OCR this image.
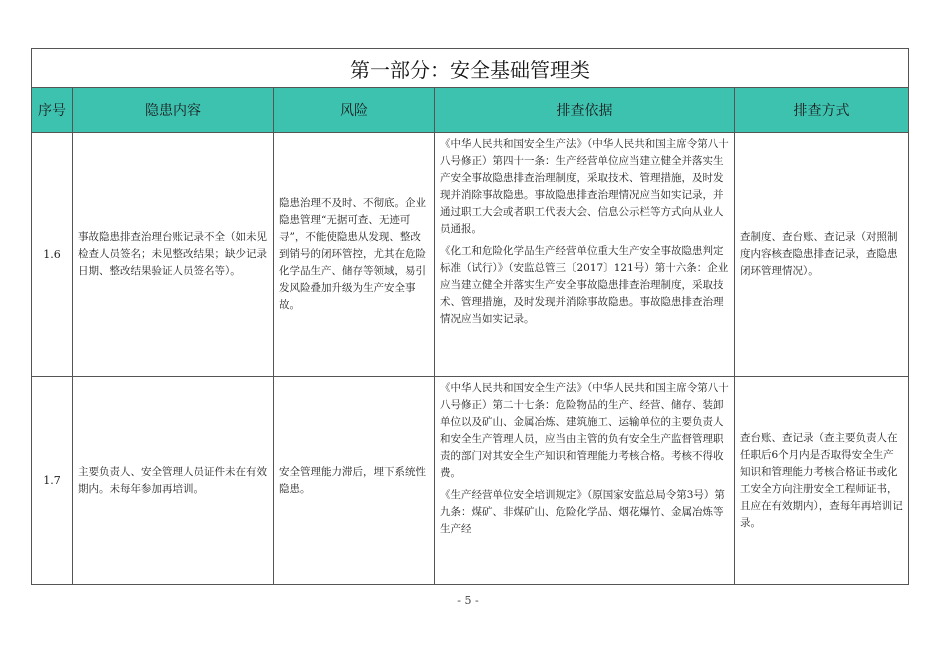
第一部分：安全基础管理类				
序号	隐患内容	风险	排查依据	排查方式
1.6	事故隐患排查治理台账记录不全（如未见检查人员签名；未见整改结果；缺少记录日期、整改结果验证人员签名等）。	隐患治理不及时、不彻底。企业隐患管理“无据可查、无迹可寻”，不能使隐患从发现、整改到销号的闭环管控，尤其在危险化学品生产、储存等领域，易引发风险叠加升级为生产安全事故。	《中华人民共和国安全生产法》（中华人民共和国主席令第八十八号修正）第四十一条：生产经营单位应当建立健全并落实生产安全事故隐患排查治理制度，采取技术、管理措施，及时发现并消除事故隐患。事故隐患排查治理情况应当如实记录，并通过职工大会或者职工代表大会、信息公示栏等方式向从业人员通报。

《化工和危险化学品生产经营单位重大生产安全事故隐患判定标准（试行）》（安监总管三〔2017〕121号）第十六条：企业应当建立健全并落实生产安全事故隐患排查治理制度，采取技术、管理措施，及时发现并消除事故隐患。事故隐患排查治理情况应当如实记录。	查制度、查台账、查记录（对照制度内容核查隐患排查记录，查隐患闭环管理情况）。
1.7	主要负责人、安全管理人员证件未在有效期内。未每年参加再培训。	安全管理能力滞后，埋下系统性隐患。	《中华人民共和国安全生产法》（中华人民共和国主席令第八十八号修正）第二十七条：危险物品的生产、经营、储存、装卸单位以及矿山、金属冶炼、建筑施工、运输单位的主要负责人和安全生产管理人员，应当由主管的负有安全生产监督管理职责的部门对其安全生产知识和管理能力考核合格。考核不得收费。

《生产经营单位安全培训规定》（原国家安监总局令第3号）第九条：煤矿、非煤矿山、危险化学品、烟花爆竹、金属冶炼等生产经	查台账、查记录（查主要负责人在任职后6个月内是否取得安全生产知识和管理能力考核合格证书或化工安全方向注册安全工程师证书，且应在有效期内），查每年再培训记录。
- 5 -
